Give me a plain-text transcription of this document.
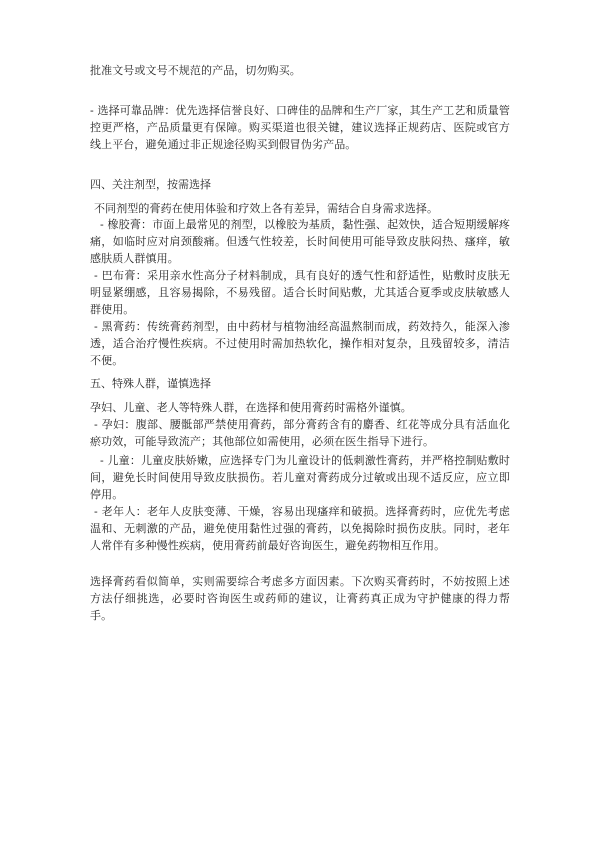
批准文号或文号不规范的产品，切勿购买。

- 选择可靠品牌：优先选择信誉良好、口碑佳的品牌和生产厂家，其生产工艺和质量管控更严格，产品质量更有保障。购买渠道也很关键，建议选择正规药店、医院或官方线上平台，避免通过非正规途径购买到假冒伪劣产品。

四、关注剂型，按需选择

不同剂型的膏药在使用体验和疗效上各有差异，需结合自身需求选择。

- 橡胶膏：市面上最常见的剂型，以橡胶为基质，黏性强、起效快，适合短期缓解疼痛，如临时应对肩颈酸痛。但透气性较差，长时间使用可能导致皮肤闷热、瘙痒，敏感肤质人群慎用。

- 巴布膏：采用亲水性高分子材料制成，具有良好的透气性和舒适性，贴敷时皮肤无明显紧绷感，且容易揭除，不易残留。适合长时间贴敷，尤其适合夏季或皮肤敏感人群使用。

- 黑膏药：传统膏药剂型，由中药材与植物油经高温熬制而成，药效持久，能深入渗透，适合治疗慢性疾病。不过使用时需加热软化，操作相对复杂，且残留较多，清洁不便。

五、特殊人群，谨慎选择

孕妇、儿童、老人等特殊人群，在选择和使用膏药时需格外谨慎。

- 孕妇：腹部、腰骶部严禁使用膏药，部分膏药含有的麝香、红花等成分具有活血化瘀功效，可能导致流产；其他部位如需使用，必须在医生指导下进行。

- 儿童：儿童皮肤娇嫩，应选择专门为儿童设计的低刺激性膏药，并严格控制贴敷时间，避免长时间使用导致皮肤损伤。若儿童对膏药成分过敏或出现不适反应，应立即停用。

- 老年人：老年人皮肤变薄、干燥，容易出现瘙痒和破损。选择膏药时，应优先考虑温和、无刺激的产品，避免使用黏性过强的膏药，以免揭除时损伤皮肤。同时，老年人常伴有多种慢性疾病，使用膏药前最好咨询医生，避免药物相互作用。

选择膏药看似简单，实则需要综合考虑多方面因素。下次购买膏药时，不妨按照上述方法仔细挑选，必要时咨询医生或药师的建议，让膏药真正成为守护健康的得力帮手。
